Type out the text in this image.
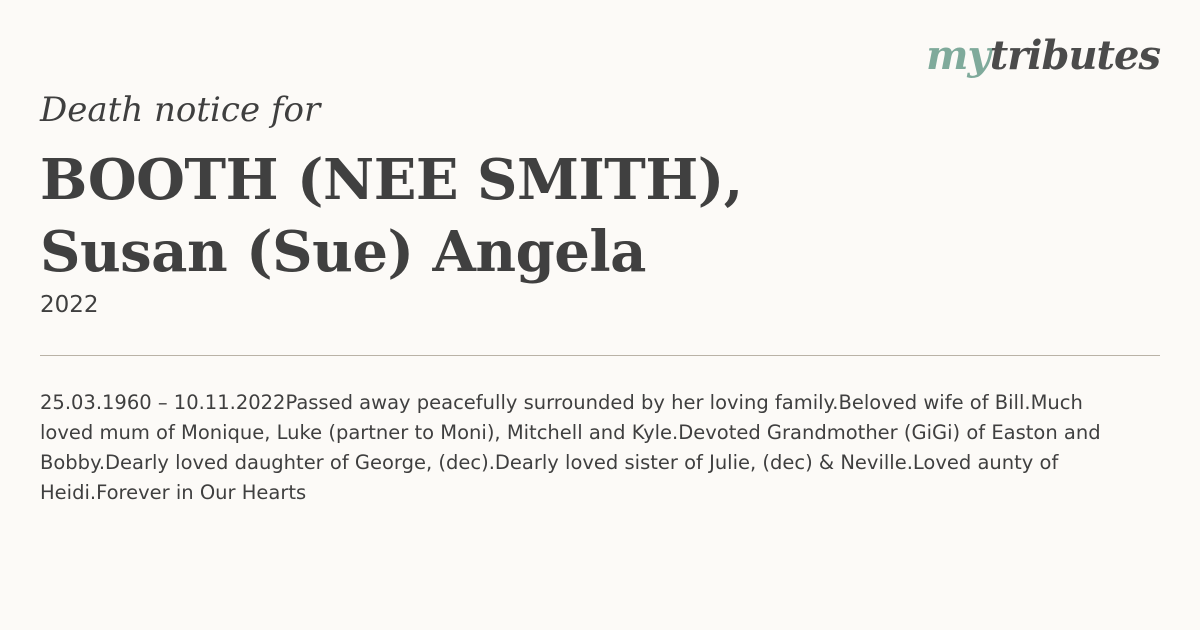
mytributes

Death notice for

BOOTH (NEE SMITH),
Susan (Sue) Angela

2022

25.03.1960 – 10.11.2022Passed away peacefully surrounded by her loving family.Beloved wife of Bill.Much loved mum of Monique, Luke (partner to Moni), Mitchell and Kyle.Devoted Grandmother (GiGi) of Easton and Bobby.Dearly loved daughter of George, (dec).Dearly loved sister of Julie, (dec) & Neville.Loved aunty of Heidi.Forever in Our Hearts
